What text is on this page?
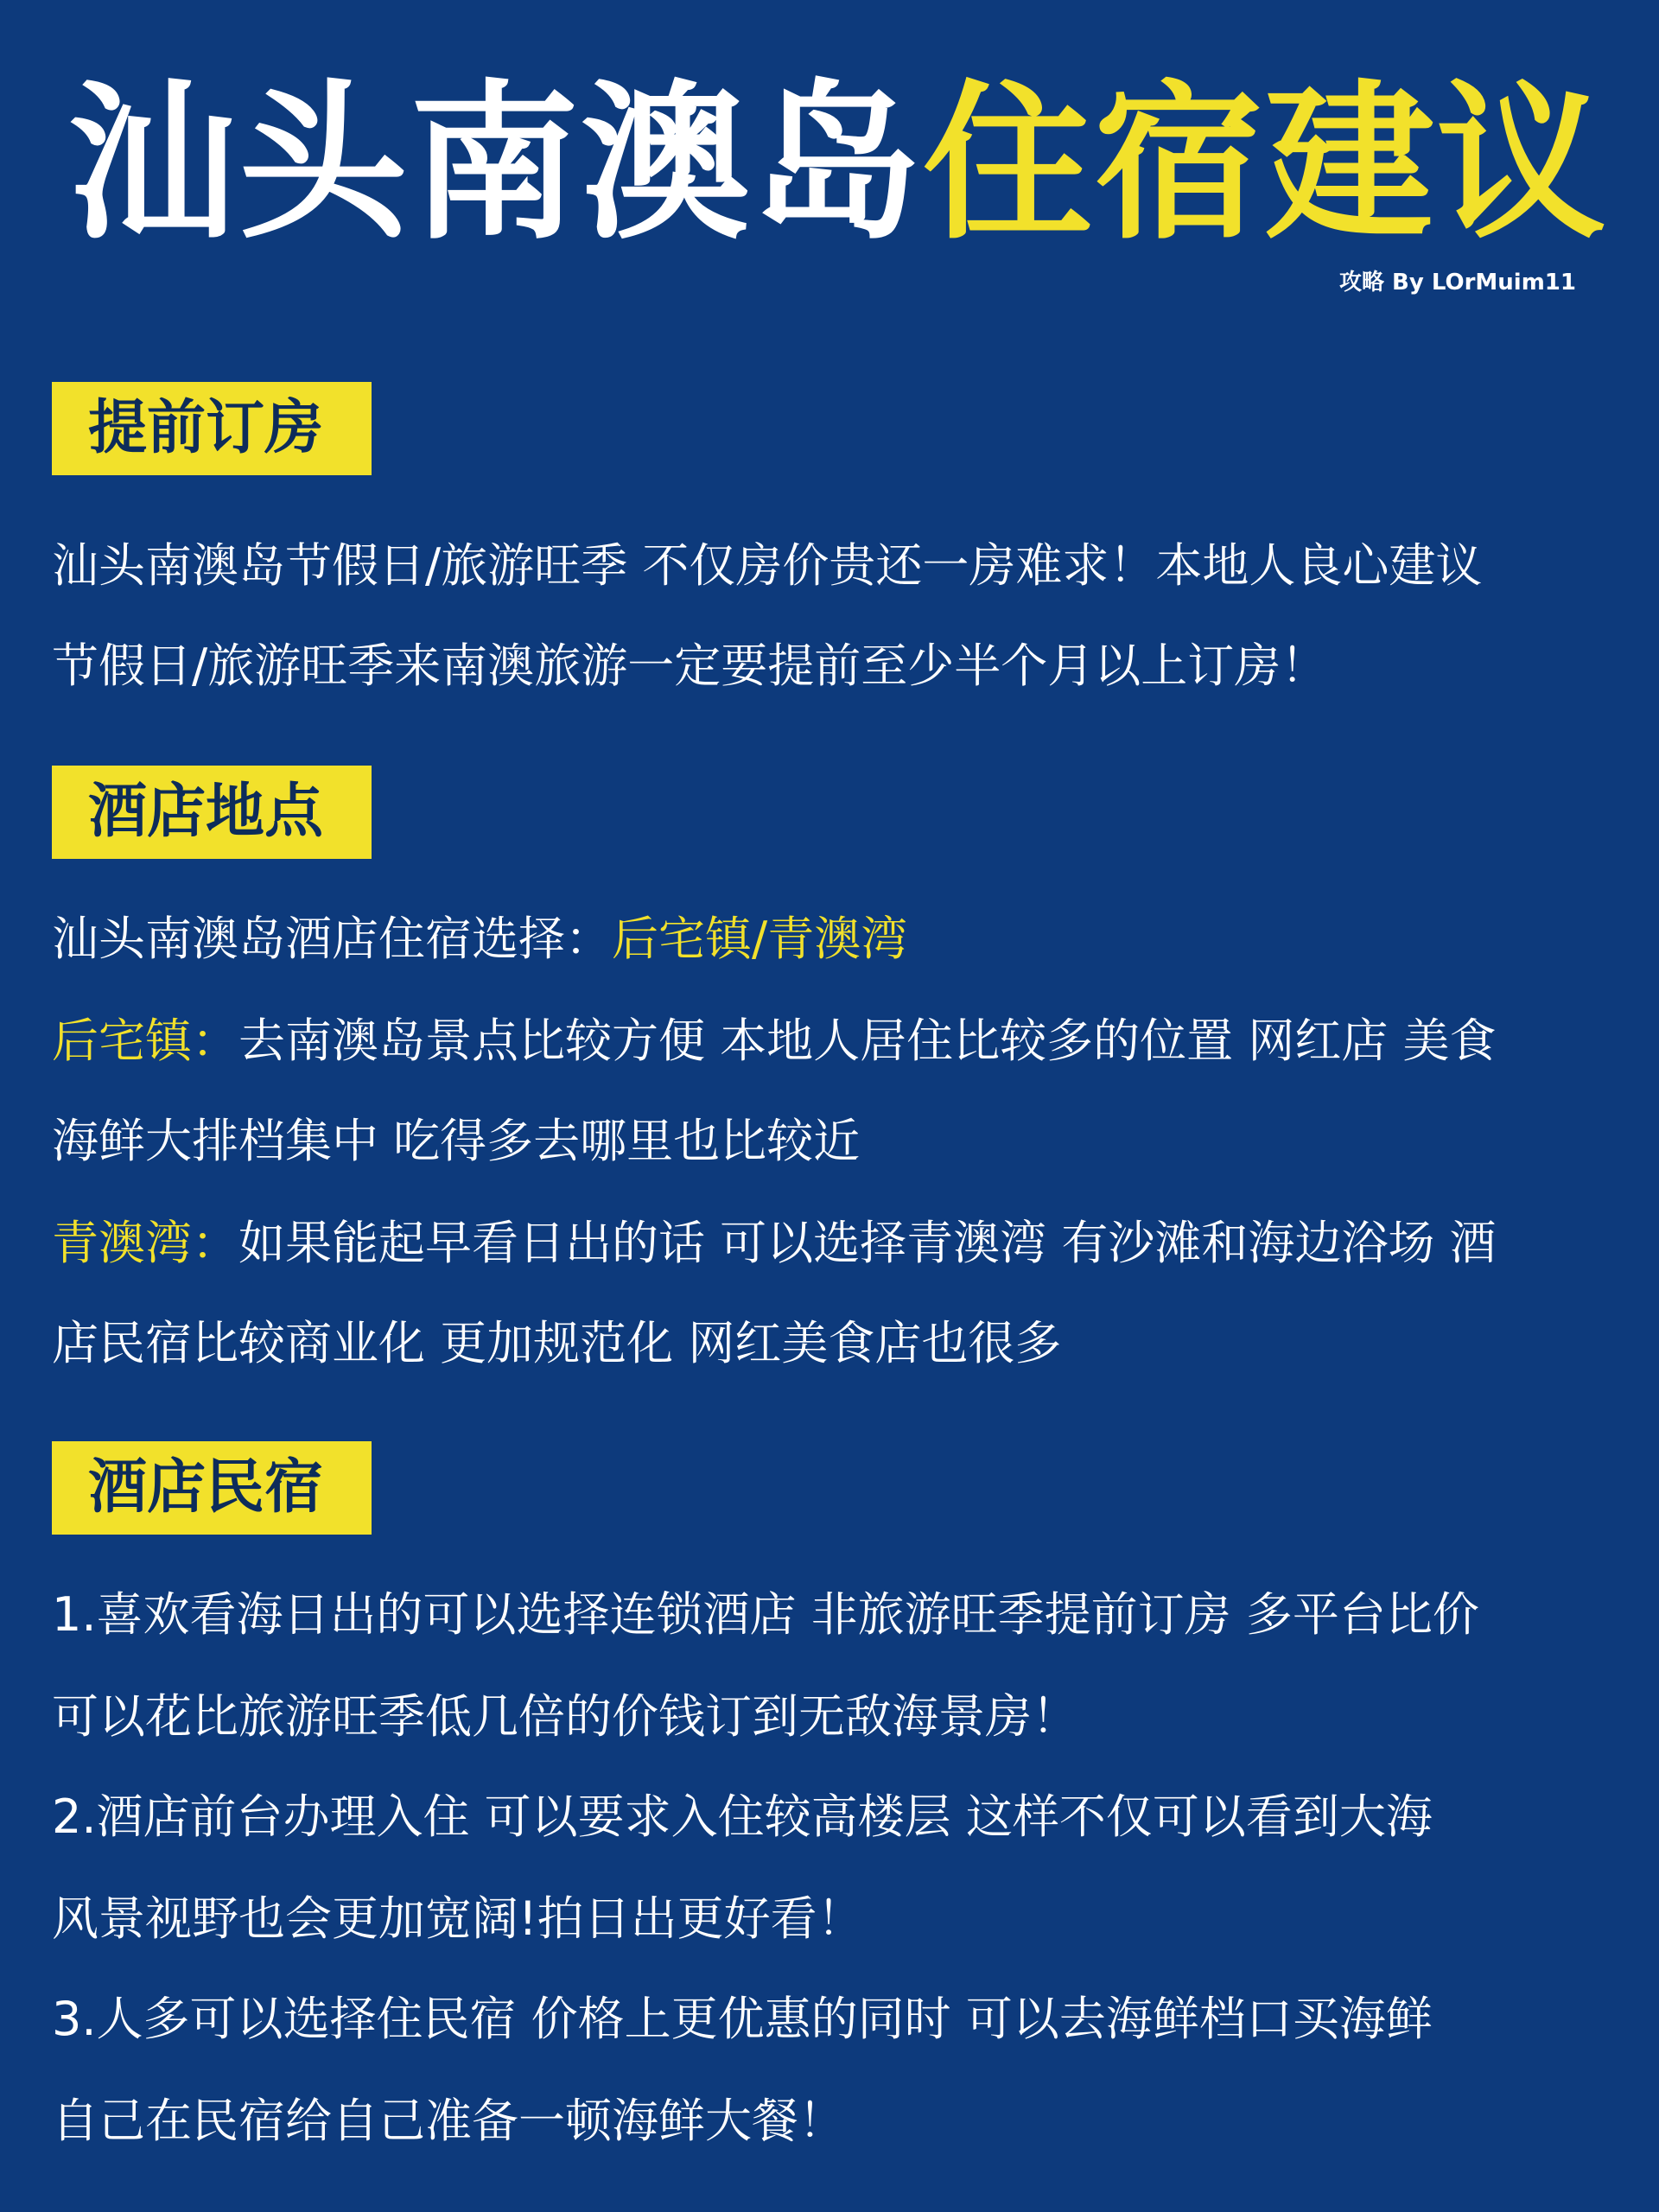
汕头南澳岛住宿建议
攻略 By LOrMuim11
提前订房
汕头南澳岛节假日/旅游旺季 不仅房价贵还一房难求！本地人良心建议
节假日/旅游旺季来南澳旅游一定要提前至少半个月以上订房！
酒店地点
汕头南澳岛酒店住宿选择：后宅镇/青澳湾
后宅镇：去南澳岛景点比较方便 本地人居住比较多的位置 网红店 美食
海鲜大排档集中 吃得多去哪里也比较近
青澳湾：如果能起早看日出的话 可以选择青澳湾 有沙滩和海边浴场 酒
店民宿比较商业化 更加规范化 网红美食店也很多
酒店民宿
1.喜欢看海日出的可以选择连锁酒店 非旅游旺季提前订房 多平台比价
可以花比旅游旺季低几倍的价钱订到无敌海景房！
2.酒店前台办理入住 可以要求入住较高楼层 这样不仅可以看到大海
风景视野也会更加宽阔!拍日出更好看！
3.人多可以选择住民宿 价格上更优惠的同时 可以去海鲜档口买海鲜
自己在民宿给自己准备一顿海鲜大餐！
